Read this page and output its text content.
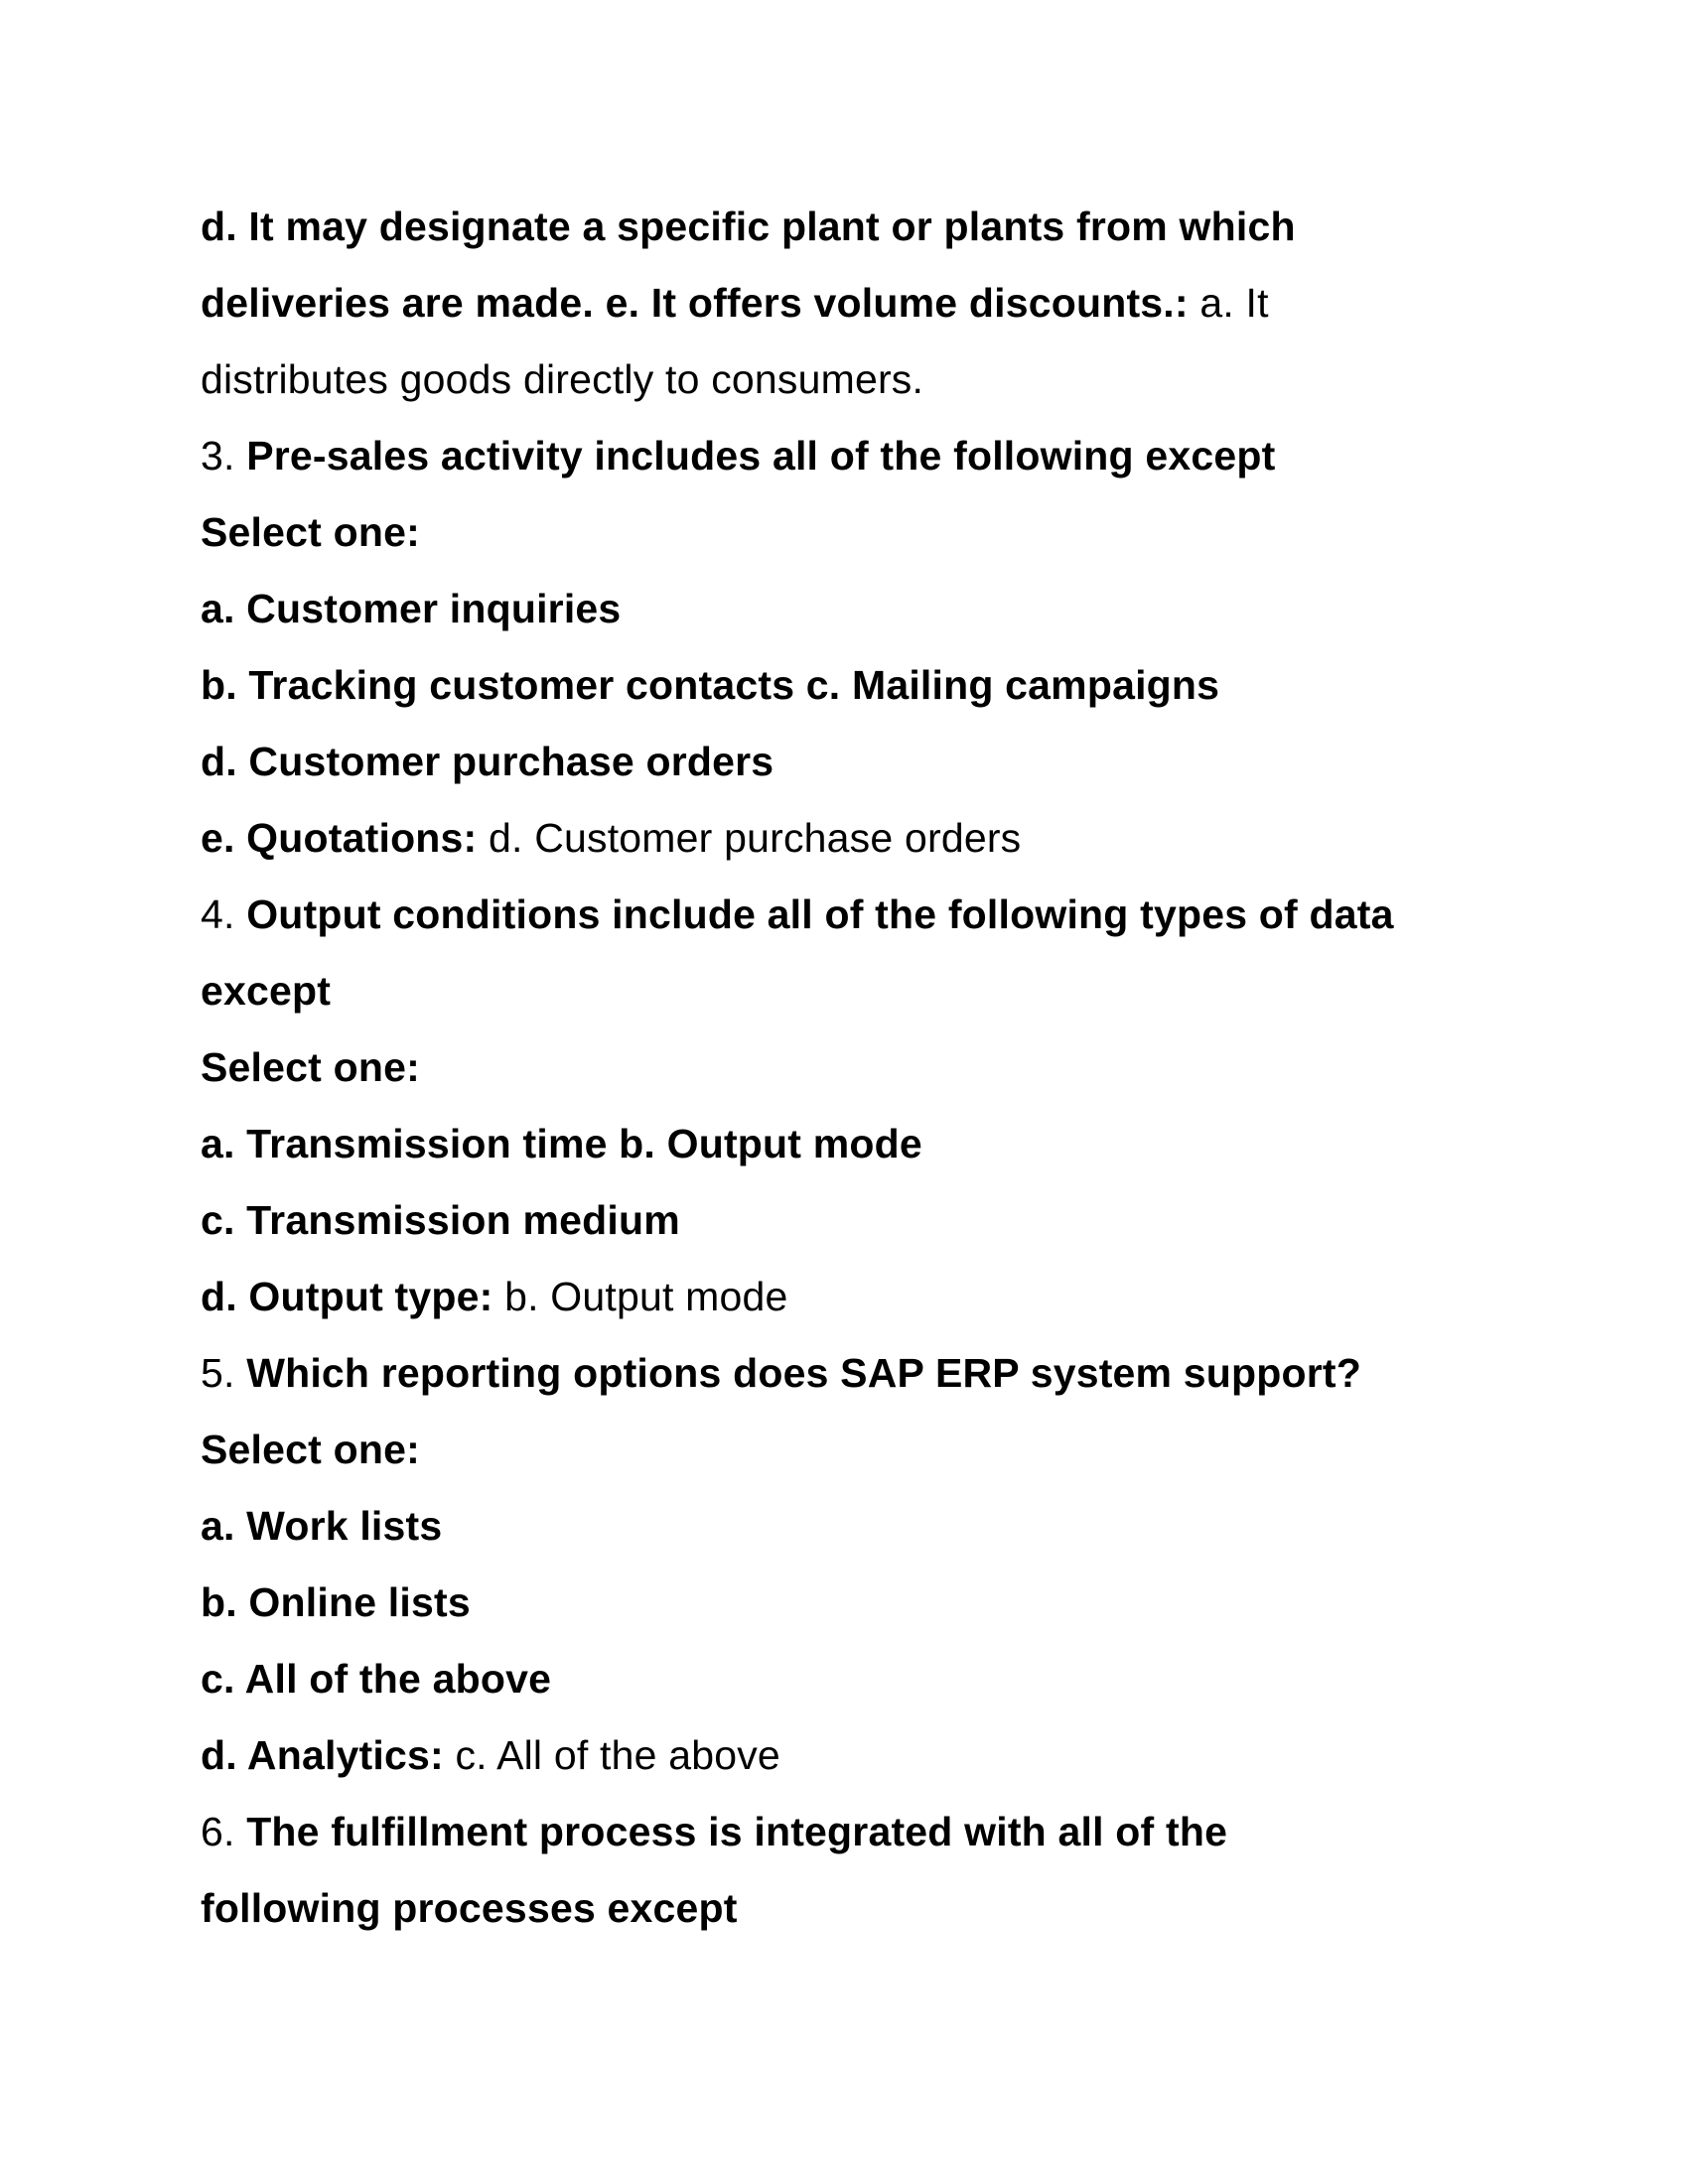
d. It may designate a specific plant or plants from which
deliveries are made. e. It offers volume discounts.: a. It
distributes goods directly to consumers.
3. Pre-sales activity includes all of the following except
Select one:
a. Customer inquiries
b. Tracking customer contacts c. Mailing campaigns
d. Customer purchase orders
e. Quotations: d. Customer purchase orders
4. Output conditions include all of the following types of data
except
Select one:
a. Transmission time b. Output mode
c. Transmission medium
d. Output type: b. Output mode
5. Which reporting options does SAP ERP system support?
Select one:
a. Work lists
b. Online lists
c. All of the above
d. Analytics: c. All of the above
6. The fulfillment process is integrated with all of the
following processes except
